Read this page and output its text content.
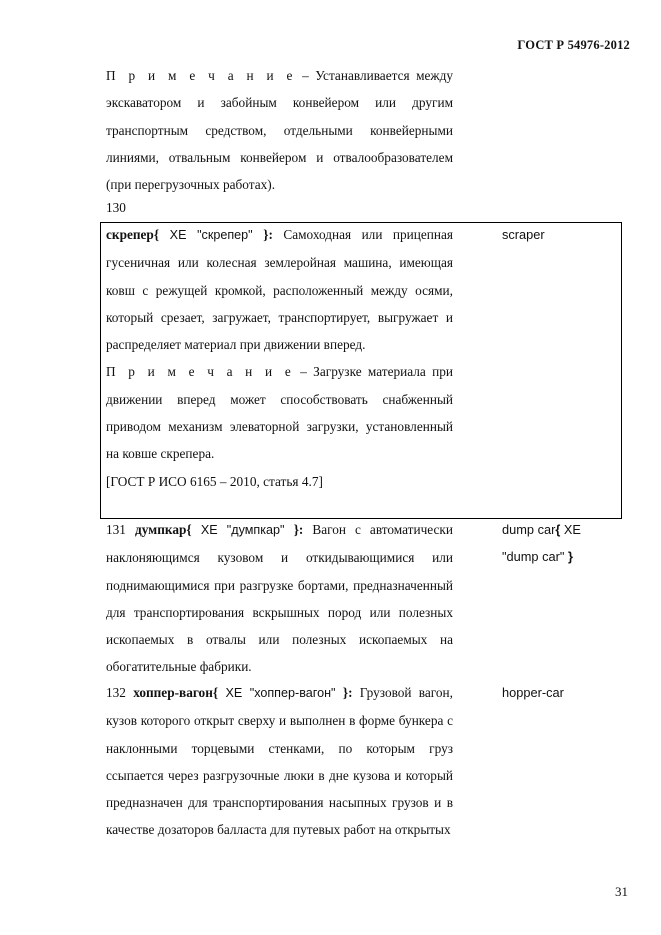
ГОСТ Р 54976-2012

П р и м е ч а н и е – Устанавливается между экскаватором и забойным конвейером или другим транспортным средством, отдельными конвейерными линиями, отвальным конвейером и отвалообразователем (при перегрузочных работах).

130

скрепер{ XE "скрепер" }: Самоходная или прицепная гусеничная или колесная землеройная машина, имеющая ковш с режущей кромкой, расположенный между осями, который срезает, загружает, транспортирует, выгружает и распределяет материал при движении вперед.

П р и м е ч а н и е – Загрузке материала при движении вперед может способствовать снабженный приводом механизм элеваторной загрузки, установленный на ковше скрепера.

[ГОСТ Р ИСО 6165 – 2010, статья 4.7]

scraper

131 думпкар{ XE "думпкар" }: Вагон с автоматически наклоняющимся кузовом и откидывающимися или поднимающимися при разгрузке бортами, предназначенный для транспортирования вскрышных пород или полезных ископаемых в отвалы или полезных ископаемых на обогатительные фабрики.

dump car{ XE
"dump car" }

132 хоппер-вагон{ XE "хоппер-вагон" }: Грузовой вагон, кузов которого открыт сверху и выполнен в форме бункера с наклонными торцевыми стенками, по которым груз ссыпается через разгрузочные люки в дне кузова и который предназначен для транспортирования насыпных грузов и в качестве дозаторов балласта для путевых работ на открытых

hopper-car
31
